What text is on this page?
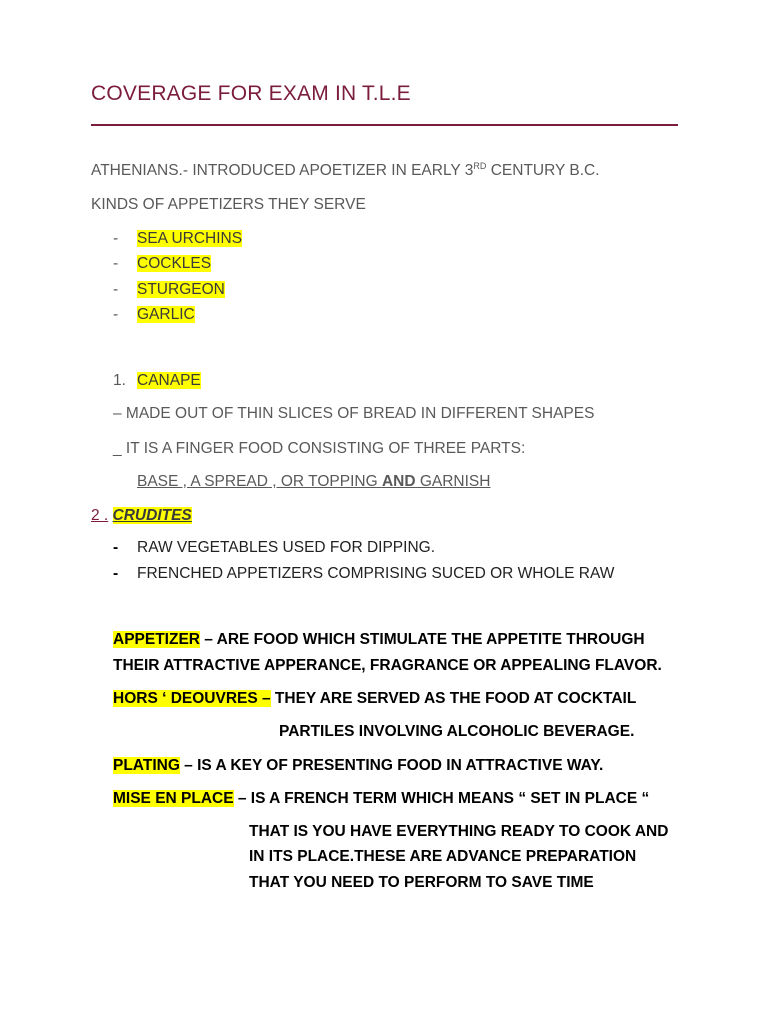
COVERAGE FOR EXAM IN T.L.E
ATHENIANS.- INTRODUCED APOETIZER IN EARLY 3RD CENTURY B.C.
KINDS OF APPETIZERS THEY SERVE
- SEA URCHINS
- COCKLES
- STURGEON
- GARLIC
1. CANAPE
– MADE OUT OF THIN SLICES OF BREAD IN DIFFERENT SHAPES
_ IT IS A FINGER FOOD CONSISTING OF THREE PARTS:
BASE , A SPREAD , OR TOPPING AND GARNISH
2 . CRUDITES
- RAW VEGETABLES USED FOR DIPPING.
- FRENCHED APPETIZERS COMPRISING SUCED OR WHOLE RAW
APPETIZER – ARE FOOD WHICH STIMULATE THE APPETITE THROUGH
THEIR ATTRACTIVE APPERANCE, FRAGRANCE OR APPEALING FLAVOR.
HORS ‘ DEOUVRES – THEY ARE SERVED AS THE FOOD AT COCKTAIL
PARTILES INVOLVING ALCOHOLIC BEVERAGE.
PLATING – IS A KEY OF PRESENTING FOOD IN ATTRACTIVE WAY.
MISE EN PLACE – IS A FRENCH TERM WHICH MEANS “ SET IN PLACE “
THAT IS YOU HAVE EVERYTHING READY TO COOK AND
IN ITS PLACE.THESE ARE ADVANCE PREPARATION
THAT YOU NEED TO PERFORM TO SAVE TIME
